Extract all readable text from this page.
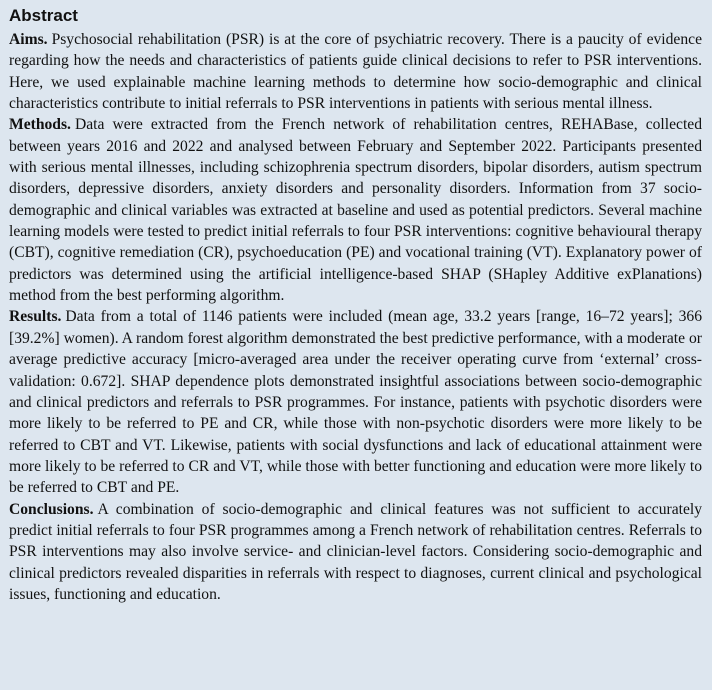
Abstract

Aims. Psychosocial rehabilitation (PSR) is at the core of psychiatric recovery. There is a paucity of evidence regarding how the needs and characteristics of patients guide clinical decisions to refer to PSR interventions. Here, we used explainable machine learning methods to determine how socio-demographic and clinical characteristics contribute to initial referrals to PSR interventions in patients with serious mental illness.

Methods. Data were extracted from the French network of rehabilitation centres, REHABase, collected between years 2016 and 2022 and analysed between February and September 2022. Participants presented with serious mental illnesses, including schizophrenia spectrum disorders, bipolar disorders, autism spectrum disorders, depressive disorders, anxiety disorders and personality disorders. Information from 37 socio-demographic and clinical variables was extracted at baseline and used as potential predictors. Several machine learning models were tested to predict initial referrals to four PSR interventions: cognitive behavioural therapy (CBT), cognitive remediation (CR), psychoeducation (PE) and vocational training (VT). Explanatory power of predictors was determined using the artificial intelligence-based SHAP (SHapley Additive exPlanations) method from the best performing algorithm.

Results. Data from a total of 1146 patients were included (mean age, 33.2 years [range, 16–72 years]; 366 [39.2%] women). A random forest algorithm demonstrated the best predictive performance, with a moderate or average predictive accuracy [micro-averaged area under the receiver operating curve from ‘external’ cross-validation: 0.672]. SHAP dependence plots demonstrated insightful associations between socio-demographic and clinical predictors and referrals to PSR programmes. For instance, patients with psychotic disorders were more likely to be referred to PE and CR, while those with non-psychotic disorders were more likely to be referred to CBT and VT. Likewise, patients with social dysfunctions and lack of educational attainment were more likely to be referred to CR and VT, while those with better functioning and education were more likely to be referred to CBT and PE.

Conclusions. A combination of socio-demographic and clinical features was not sufficient to accurately predict initial referrals to four PSR programmes among a French network of rehabilitation centres. Referrals to PSR interventions may also involve service- and clinician-level factors. Considering socio-demographic and clinical predictors revealed disparities in referrals with respect to diagnoses, current clinical and psychological issues, functioning and education.
